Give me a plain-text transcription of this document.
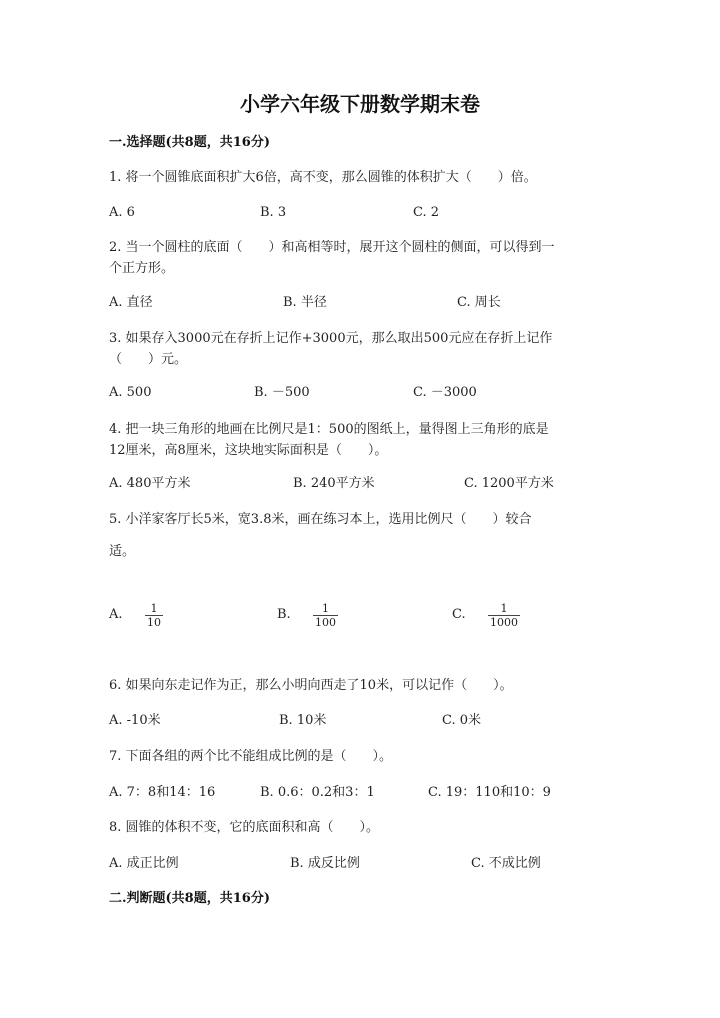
小学六年级下册数学期末卷
一.选择题(共8题，共16分)
1. 将一个圆锥底面积扩大6倍，高不变，那么圆锥的体积扩大（　　）倍。
A. 6	B. 3	C. 2
2. 当一个圆柱的底面（　　）和高相等时，展开这个圆柱的侧面，可以得到一
个正方形。
A. 直径	B. 半径	C. 周长
3. 如果存入3000元在存折上记作+3000元，那么取出500元应在存折上记作
（　　）元。
A. 500	B. －500	C. －3000
4. 把一块三角形的地画在比例尺是1：500的图纸上，量得图上三角形的底是
12厘米，高8厘米，这块地实际面积是（　　）。
A. 480平方米	B. 240平方米	C. 1200平方米
5. 小洋家客厅长5米，宽3.8米，画在练习本上，选用比例尺（　　）较合
适。
A. $\frac{1}{10}$	B. $\frac{1}{100}$	C. $\frac{1}{1000}$
6. 如果向东走记作为正，那么小明向西走了10米，可以记作（　　）。
A. -10米	B. 10米	C. 0米
7. 下面各组的两个比不能组成比例的是（　　）。
A. 7：8和14：16	B. 0.6：0.2和3：1	C. 19：110和10：9
8. 圆锥的体积不变，它的底面积和高（　　）。
A. 成正比例	B. 成反比例	C. 不成比例
二.判断题(共8题，共16分)
